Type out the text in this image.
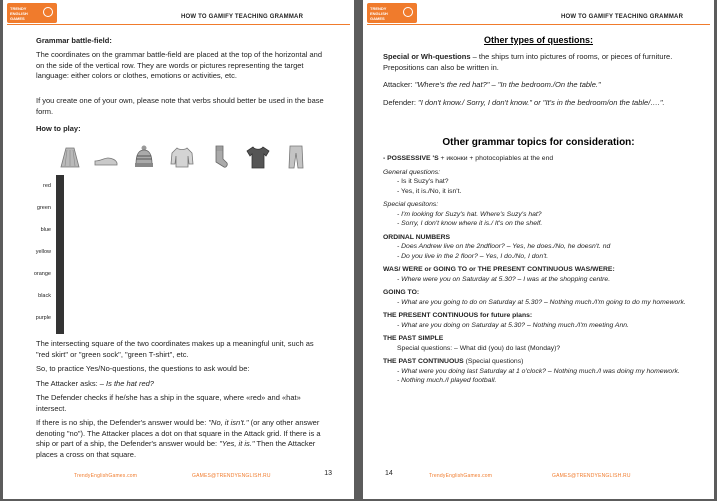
TRENDY ENGLISH GAMES	HOW TO GAMIFY TEACHING GRAMMAR

Grammar battle-field:

The coordinates on the grammar battle-field are placed at the top of the horizontal and on the side of the vertical row. They are words or pictures representing the target language: either colors or clothes, emotions or activities, etc.

If you create one of your own, please note that verbs should better be used in the base form.

How to play:

red
green
blue
yellow
orange
black
purple

The intersecting square of the two coordinates makes up a meaningful unit, such as "red skirt" or "green sock", "green T-shirt", etc.

So, to practice Yes/No-questions, the questions to ask would be:

The Attacker asks: – Is the hat red?

The Defender checks if he/she has a ship in the square, where «red» and «hat» intersect.

If there is no ship, the Defender's answer would be: "No, it isn't." (or any other answer denoting "no"). The Attacker places a dot on that square in the Attack grid. If there is a ship or part of a ship, the Defender's answer would be: "Yes, it is." Then the Attacker places a cross on that square.

13
TrendyEnglishGames.com	GAMES@TRENDYENGLISH.RU
TRENDY ENGLISH GAMES	HOW TO GAMIFY TEACHING GRAMMAR
Other types of questions:

Special or Wh-questions – the ships turn into pictures of rooms, or pieces of furniture. Prepositions can also be written in.

Attacker: "Where's the red hat?" – "In the bedroom./On the table."

Defender: "I don't know./ Sorry, I don't know." or "It's in the bedroom/on the table/….".

Other grammar topics for consideration:

- POSSESSIVE 'S + иконки + photocopiables at the end

General questions:

- Is it Suzy's hat?

- Yes, it is./No, it isn't.

Special quesitons:

- I'm looking for Suzy's hat. Where's Suzy's hat?

- Sorry, I don't know where it is./ It's on the shelf.

ORDINAL NUMBERS

- Does Andrew live on the 2ndfloor? – Yes, he does./No, he doesn't. nd

- Do you live in the 2 floor? – Yes, I do./No, I don't.

WAS/ WERE or GOING TO or THE PRESENT CONTINUOUS WAS/WERE:

- Where were you on Saturday at 5.30? – I was at the shopping centre.

GOING TO:

- What are you going to do on Saturday at 5.30? – Nothing much./I'm going to do my homework.

THE PRESENT CONTINUOUS for future plans:

- What are you doing on Saturday at 5.30? – Nothing much./I'm meeting Ann.

THE PAST SIMPLE

Special questions: – What did (you) do last (Monday)?

THE PAST CONTINUOUS (Special questions)

- What were you doing last Saturday at 1 o'clock? – Nothing much./I was doing my homework.

- Nothing much./I played football.

14	TrendyEnglishGames.com	GAMES@TRENDYENGLISH.RU
